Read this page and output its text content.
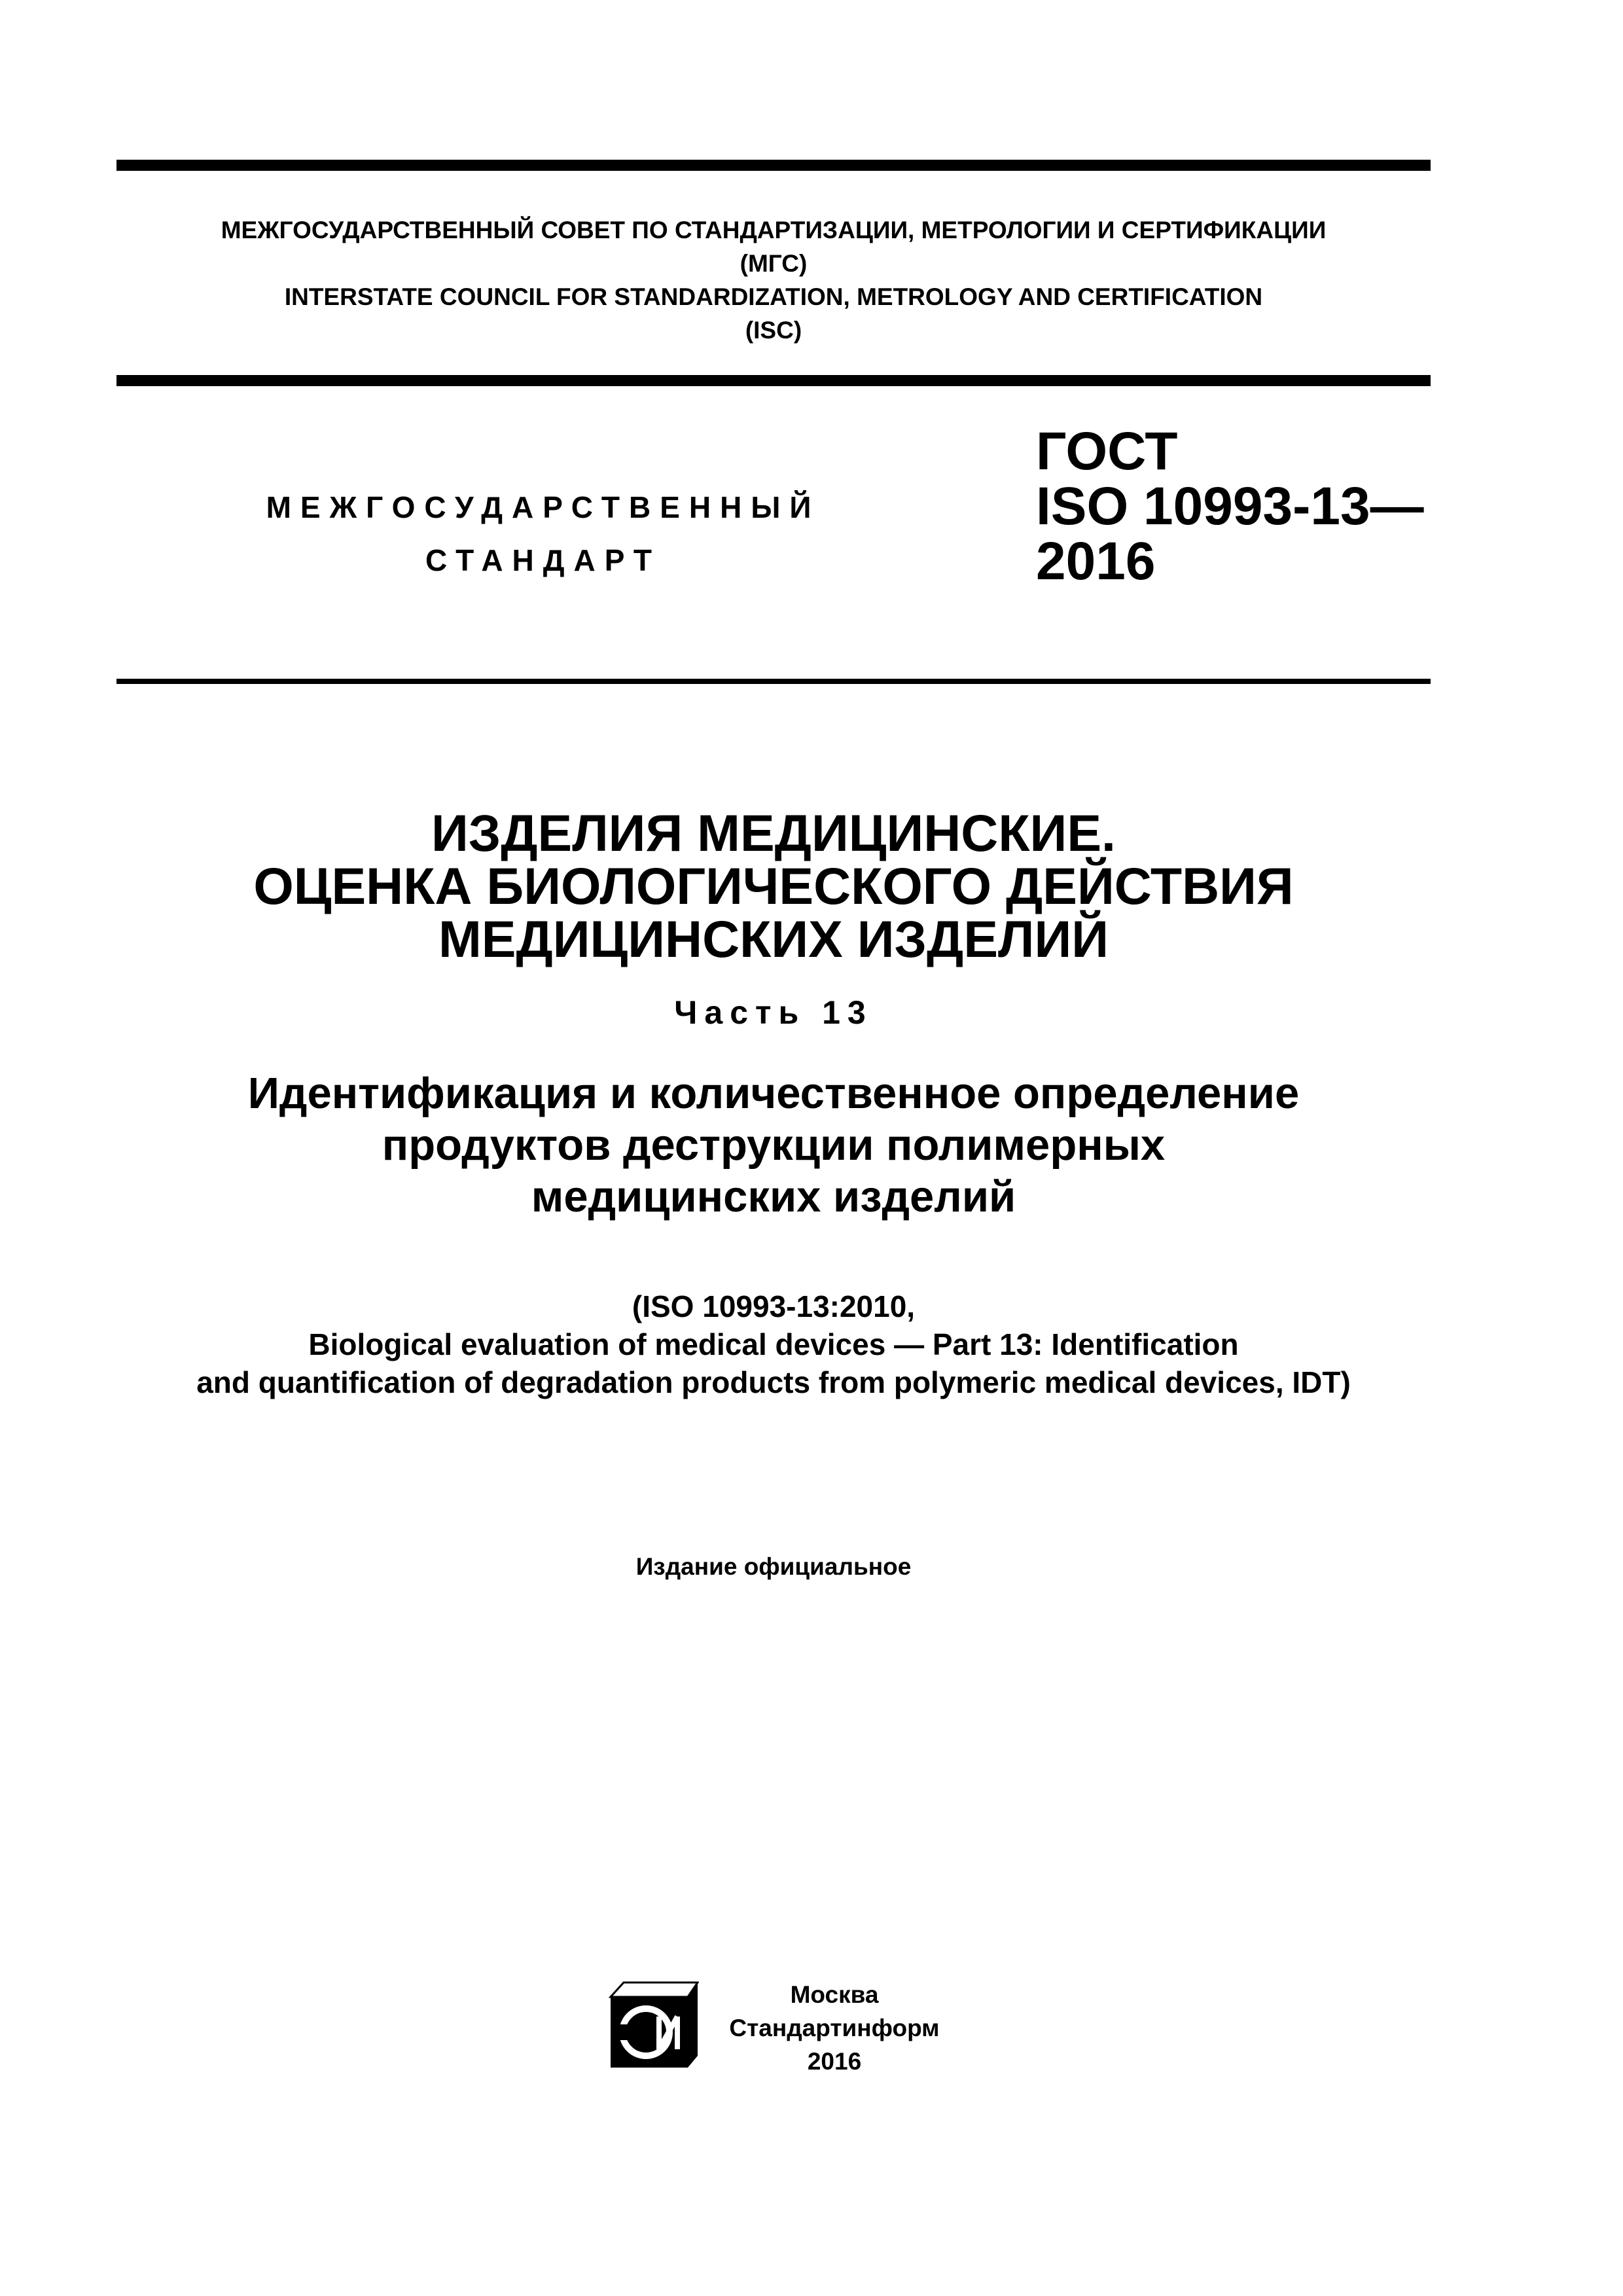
МЕЖГОСУДАРСТВЕННЫЙ СОВЕТ ПО СТАНДАРТИЗАЦИИ, МЕТРОЛОГИИ И СЕРТИФИКАЦИИ
(МГС)
INTERSTATE COUNCIL FOR STANDARDIZATION, METROLOGY AND CERTIFICATION
(ISC)
МЕЖГОСУДАРСТВЕННЫЙ
СТАНДАРТ
ГОСТ
ISO 10993-13—
2016
ИЗДЕЛИЯ МЕДИЦИНСКИЕ.
ОЦЕНКА БИОЛОГИЧЕСКОГО ДЕЙСТВИЯ
МЕДИЦИНСКИХ ИЗДЕЛИЙ
Часть 13
Идентификация и количественное определение
продуктов деструкции полимерных
медицинских изделий
(ISO 10993-13:2010,
Biological evaluation of medical devices — Part 13: Identification
and quantification of degradation products from polymeric medical devices, IDT)
Издание официальное
Москва
Стандартинформ
2016
